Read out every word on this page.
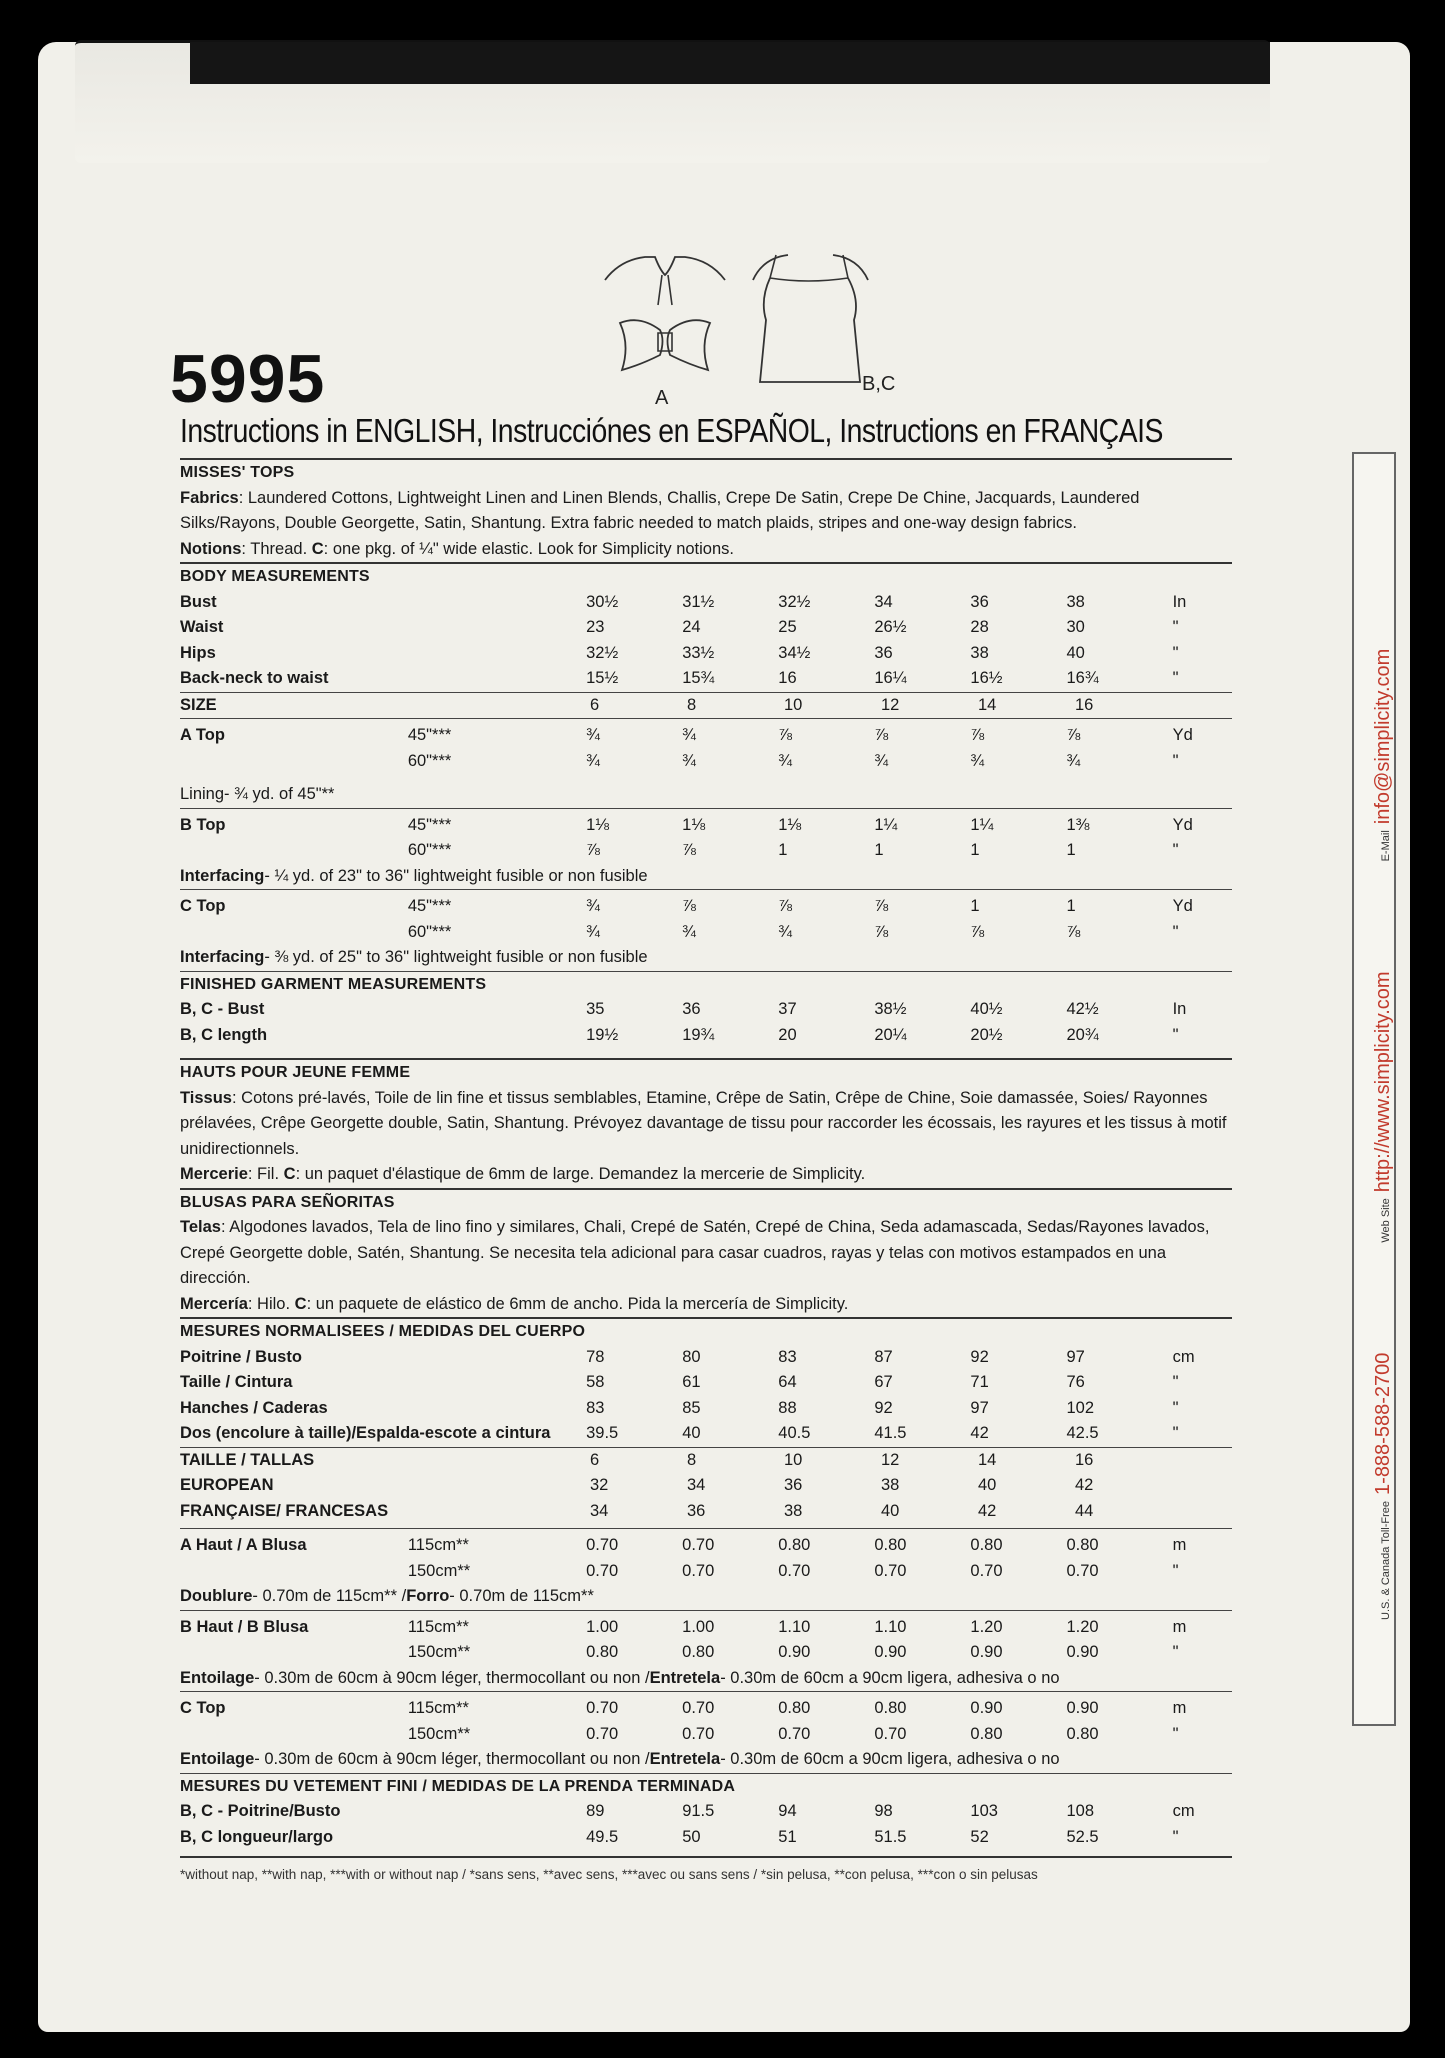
U.S. & Canada Toll-Free1-888-588-2700Web Sitehttp://www.simplicity.comE-Mailinfo@simplicity.com
5995	A
B,C
Instructions in ENGLISH, Instrucciónes en ESPAÑOL, Instructions en FRANÇAIS
MISSES' TOPS

Fabrics: Laundered Cottons, Lightweight Linen and Linen Blends, Challis, Crepe De Satin, Crepe De Chine, Jacquards, Laundered Silks/Rayons, Double Georgette, Satin, Shantung. Extra fabric needed to match plaids, stripes and one-way design fabrics.

Notions: Thread. C: one pkg. of ¼" wide elastic. Look for Simplicity notions.

BODY MEASUREMENTS
Bust	30½	31½	32½	34	36	38	In
Waist	23	24	25	26½	28	30	"
Hips	32½	33½	34½	36	38	40	"
Back-neck to waist	15½	15¾	16	16¼	16½	16¾	"
SIZE	6	8	10	12	14	16
A Top	45"***	¾	¾	⅞	⅞	⅞	⅞	Yd
60"***	¾	¾	¾	¾	¾	¾	"
Lining- ¾ yd. of 45"**
B Top	45"***	1⅛	1⅛	1⅛	1¼	1¼	1⅜	Yd
60"***	⅞	⅞	1	1	1	1	"
Interfacing - ¼ yd. of 23" to 36" lightweight fusible or non fusible
C Top	45"***	¾	⅞	⅞	⅞	1	1	Yd
60"***	¾	¾	¾	⅞	⅞	⅞	"
Interfacing - ⅜ yd. of 25" to 36" lightweight fusible or non fusible
FINISHED GARMENT MEASUREMENTS
B, C - Bust	35	36	37	38½	40½	42½	In
B, C length	19½	19¾	20	20¼	20½	20¾	"
HAUTS POUR JEUNE FEMME

Tissus: Cotons pré-lavés, Toile de lin fine et tissus semblables, Etamine, Crêpe de Satin, Crêpe de Chine, Soie damassée, Soies/ Rayonnes prélavées, Crêpe Georgette double, Satin, Shantung. Prévoyez davantage de tissu pour raccorder les écossais, les rayures et les tissus à motif unidirectionnels.

Mercerie: Fil. C: un paquet d'élastique de 6mm de large. Demandez la mercerie de Simplicity.

BLUSAS PARA SEÑORITAS

Telas: Algodones lavados, Tela de lino fino y similares, Chali, Crepé de Satén, Crepé de China, Seda adamascada, Sedas/Rayones lavados, Crepé Georgette doble, Satén, Shantung. Se necesita tela adicional para casar cuadros, rayas y telas con motivos estampados en una dirección.

Mercería: Hilo. C: un paquete de elástico de 6mm de ancho. Pida la mercería de Simplicity.

MESURES NORMALISEES / MEDIDAS DEL CUERPO
Poitrine / Busto	78	80	83	87	92	97	cm
Taille / Cintura	58	61	64	67	71	76	"
Hanches / Caderas	83	85	88	92	97	102	"
Dos (encolure à taille)/Espalda-escote a cintura	39.5	40	40.5	41.5	42	42.5	"
TAILLE / TALLAS	6	8	10	12	14	16
EUROPEAN	32	34	36	38	40	42
FRANÇAISE/ FRANCESAS	34	36	38	40	42	44
A Haut / A Blusa	115cm**	0.70	0.70	0.80	0.80	0.80	0.80	m
150cm**	0.70	0.70	0.70	0.70	0.70	0.70	"
Doublure - 0.70m de 115cm** / Forro - 0.70m de 115cm**
B Haut / B Blusa	115cm**	1.00	1.00	1.10	1.10	1.20	1.20	m
150cm**	0.80	0.80	0.90	0.90	0.90	0.90	"
Entoilage - 0.30m de 60cm à 90cm léger, thermocollant ou non / Entretela - 0.30m de 60cm a 90cm ligera, adhesiva o no
C Top	115cm**	0.70	0.70	0.80	0.80	0.90	0.90	m
150cm**	0.70	0.70	0.70	0.70	0.80	0.80	"
Entoilage - 0.30m de 60cm à 90cm léger, thermocollant ou non / Entretela - 0.30m de 60cm a 90cm ligera, adhesiva o no
MESURES DU VETEMENT FINI / MEDIDAS DE LA PRENDA TERMINADA
B, C - Poitrine/Busto	89	91.5	94	98	103	108	cm
B, C longueur/largo	49.5	50	51	51.5	52	52.5	"
*without nap, **with nap, ***with or without nap / *sans sens, **avec sens, ***avec ou sans sens / *sin pelusa, **con pelusa, ***con o sin pelusas
